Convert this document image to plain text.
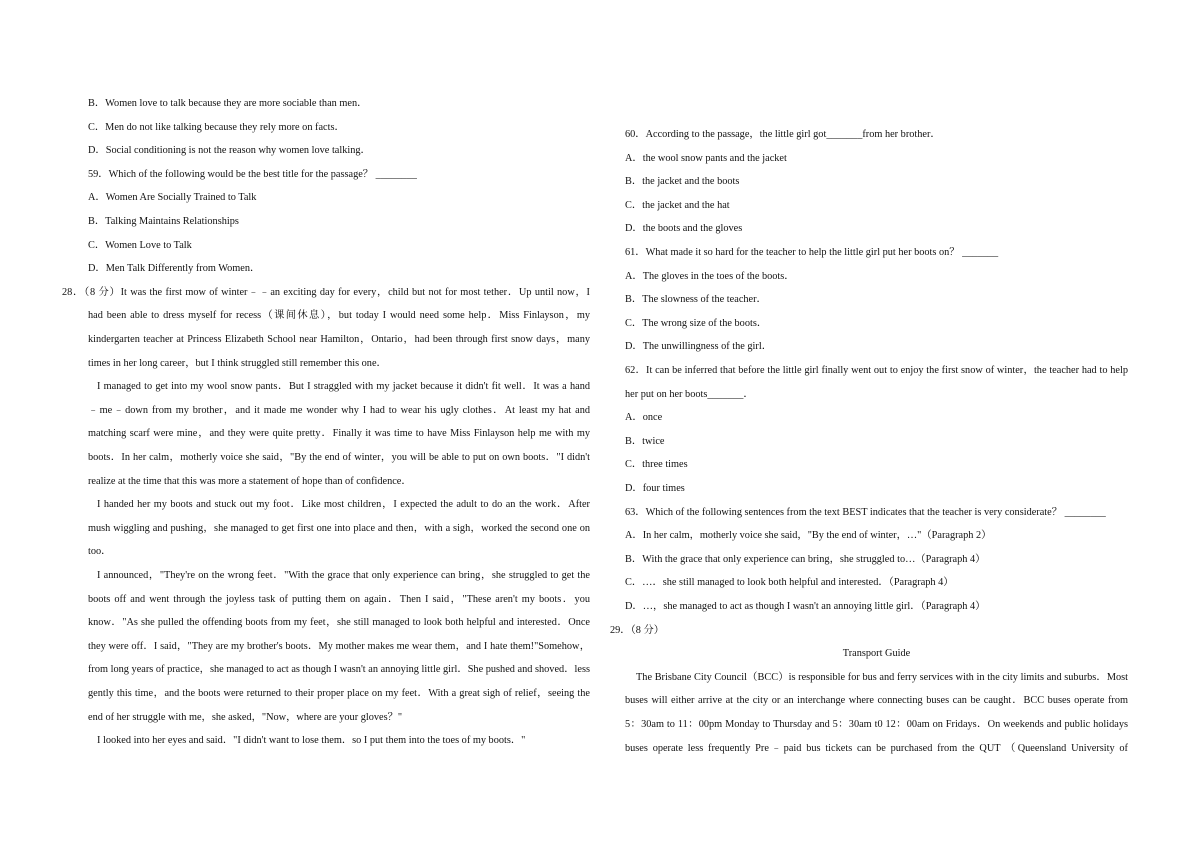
B．Women love to talk because they are more sociable than men．
C．Men do not like talking because they rely more on facts．
D．Social conditioning is not the reason why women love talking．
59．Which of the following would be the best title for the passage？ ________
A．Women Are Socially Trained to Talk
B．Talking Maintains Relationships
C．Women Love to Talk
D．Men Talk Differently from Women．
28．（8 分）It was the first mow of winter﹣﹣an exciting day for every，child but not for most tether．Up until now，I
had been able to dress myself for recess（课间休息），but today I would need some help．Miss Finlayson，my
kindergarten teacher at Princess Elizabeth School near Hamilton，Ontario，had been through first snow days，many
times in her long career，but I think struggled still remember this one．
I managed to get into my wool snow pants．But I straggled with my jacket because it didn't fit well．It was a hand
﹣me﹣down from my brother，and it made me wonder why I had to wear his ugly clothes．At least my hat and
matching scarf were mine，and they were quite pretty．Finally it was time to have Miss Finlayson help me with my
boots．In her calm，motherly voice she said，"By the end of winter，you will be able to put on own boots．"I didn't
realize at the time that this was more a statement of hope than of confidence．
I handed her my boots and stuck out my foot．Like most children，I expected the adult to do an the work．After
mush wiggling and pushing，she managed to get first one into place and then，with a sigh，worked the second one on
too．
I announced，"They're on the wrong feet．"With the grace that only experience can bring，she struggled to get the
boots off and went through the joyless task of putting them on again．Then I said，"These aren't my boots．you
know．"As she pulled the offending boots from my feet，she still managed to look both helpful and interested．Once
they were off．I said，"They are my brother's boots．My mother makes me wear them，and I hate them!"Somehow，
from long years of practice，she managed to act as though I wasn't an annoying little girl．She pushed and shoved．less
gently this time，and the boots were returned to their proper place on my feet．With a great sigh of relief，seeing the
end of her struggle with me，she asked，"Now，where are your gloves？"
I looked into her eyes and said．"I didn't want to lose them．so I put them into the toes of my boots．"
60．According to the passage，the little girl got_______from her brother．
A．the wool snow pants and the jacket
B．the jacket and the boots
C．the jacket and the hat
D．the boots and the gloves
61．What made it so hard for the teacher to help the little girl put her boots on？ _______
A．The gloves in the toes of the boots．
B．The slowness of the teacher．
C．The wrong size of the boots．
D．The unwillingness of the girl．
62．It can be inferred that before the little girl finally went out to enjoy the first snow of winter，the teacher had to help
her put on her boots_______．
A．once
B．twice
C．three times
D．four times
63．Which of the following sentences from the text BEST indicates that the teacher is very considerate？ ________
A．In her calm，motherly voice she said，"By the end of winter，…"（Paragraph 2）
B．With the grace that only experience can bring，she struggled to…（Paragraph 4）
C．…．she still managed to look both helpful and interested．（Paragraph 4）
D．…，she managed to act as though I wasn't an annoying little girl．（Paragraph 4）
29．（8 分）
Transport Guide
The Brisbane City Council（BCC）is responsible for bus and ferry services with in the city limits and suburbs．Most
buses will either arrive at the city or an interchange where connecting buses can be caught．BCC buses operate from
5：30am to 11：00pm Monday to Thursday and 5：30am t0 12：00am on Fridays．On weekends and public holidays
buses operate less frequently Pre﹣paid bus tickets can be purchased from the QUT （Queensland University of
